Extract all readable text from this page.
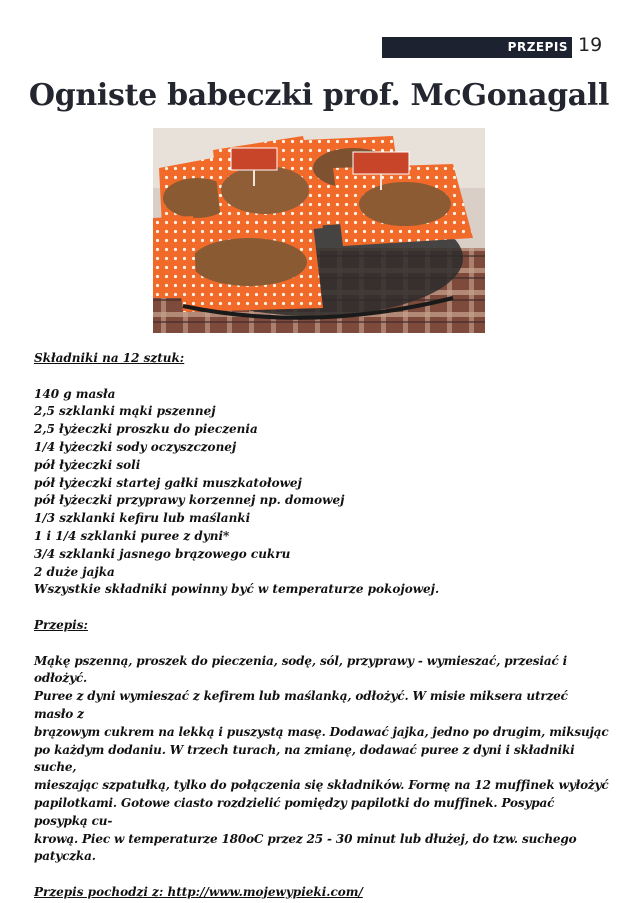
PRZEPIS 19
Ogniste babeczki prof. McGonagall

Składniki na 12 sztuk:

140 g masła

2,5 szklanki mąki pszennej

2,5 łyżeczki proszku do pieczenia

1/4 łyżeczki sody oczyszczonej

pół łyżeczki soli

pół łyżeczki startej gałki muszkatołowej

pół łyżeczki przyprawy korzennej np. domowej

1/3 szklanki kefiru lub maślanki

1 i 1/4 szklanki puree z dyni*

3/4 szklanki jasnego brązowego cukru

2 duże jajka

Wszystkie składniki powinny być w temperaturze pokojowej.

Przepis:

Mąkę pszenną, proszek do pieczenia, sodę, sól, przyprawy - wymieszać, przesiać i odłożyć.

Puree z dyni wymieszać z kefirem lub maślanką, odłożyć. W misie miksera utrzeć masło z

brązowym cukrem na lekką i puszystą masę. Dodawać jajka, jedno po drugim, miksując

po każdym dodaniu. W trzech turach, na zmianę, dodawać puree z dyni i składniki suche,

mieszając szpatułką, tylko do połączenia się składników. Formę na 12 muffinek wyłożyć

papilotkami. Gotowe ciasto rozdzielić pomiędzy papilotki do muffinek. Posypać posypką cu-

krową. Piec w temperaturze 180oC przez 25 - 30 minut lub dłużej, do tzw. suchego patyczka.

Przepis pochodzi z: http://www.mojewypieki.com/
